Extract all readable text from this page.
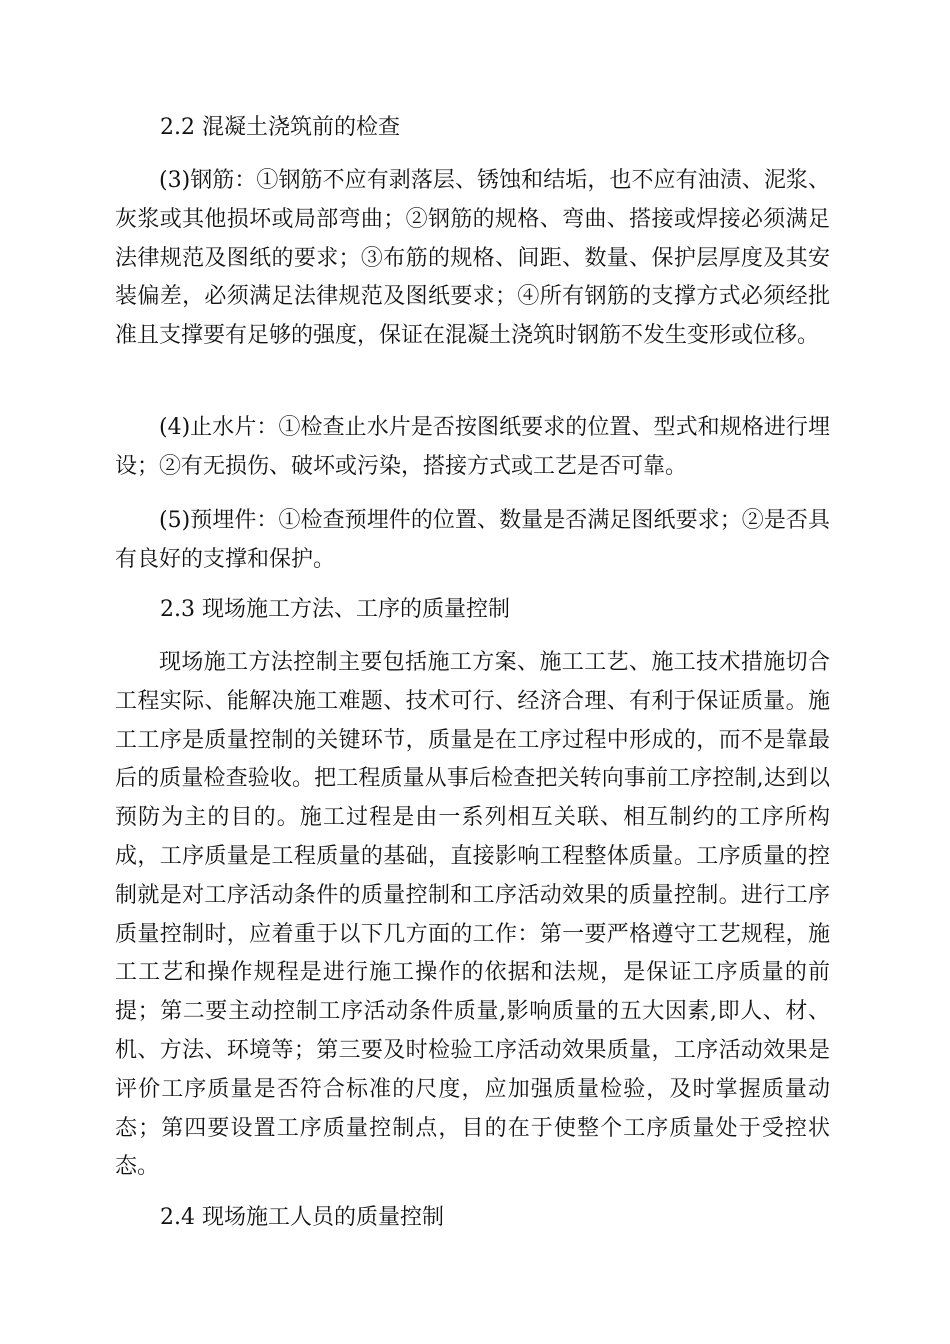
2.2 混凝土浇筑前的检查

(3)钢筋：①钢筋不应有剥落层、锈蚀和结垢，也不应有油渍、泥浆、灰浆或其他损坏或局部弯曲；②钢筋的规格、弯曲、搭接或焊接必须满足法律规范及图纸的要求；③布筋的规格、间距、数量、保护层厚度及其安装偏差，必须满足法律规范及图纸要求；④所有钢筋的支撑方式必须经批准且支撑要有足够的强度，保证在混凝土浇筑时钢筋不发生变形或位移。

(4)止水片：①检查止水片是否按图纸要求的位置、型式和规格进行埋设；②有无损伤、破坏或污染，搭接方式或工艺是否可靠。

(5)预埋件：①检查预埋件的位置、数量是否满足图纸要求；②是否具有良好的支撑和保护。

2.3 现场施工方法、工序的质量控制

现场施工方法控制主要包括施工方案、施工工艺、施工技术措施切合工程实际、能解决施工难题、技术可行、经济合理、有利于保证质量。施工工序是质量控制的关键环节，质量是在工序过程中形成的，而不是靠最后的质量检查验收。把工程质量从事后检查把关转向事前工序控制,达到以预防为主的目的。施工过程是由一系列相互关联、相互制约的工序所构成，工序质量是工程质量的基础，直接影响工程整体质量。工序质量的控制就是对工序活动条件的质量控制和工序活动效果的质量控制。进行工序质量控制时，应着重于以下几方面的工作：第一要严格遵守工艺规程，施工工艺和操作规程是进行施工操作的依据和法规，是保证工序质量的前提；第二要主动控制工序活动条件质量,影响质量的五大因素,即人、材、机、方法、环境等；第三要及时检验工序活动效果质量，工序活动效果是评价工序质量是否符合标准的尺度，应加强质量检验，及时掌握质量动态；第四要设置工序质量控制点，目的在于使整个工序质量处于受控状态。

2.4 现场施工人员的质量控制
